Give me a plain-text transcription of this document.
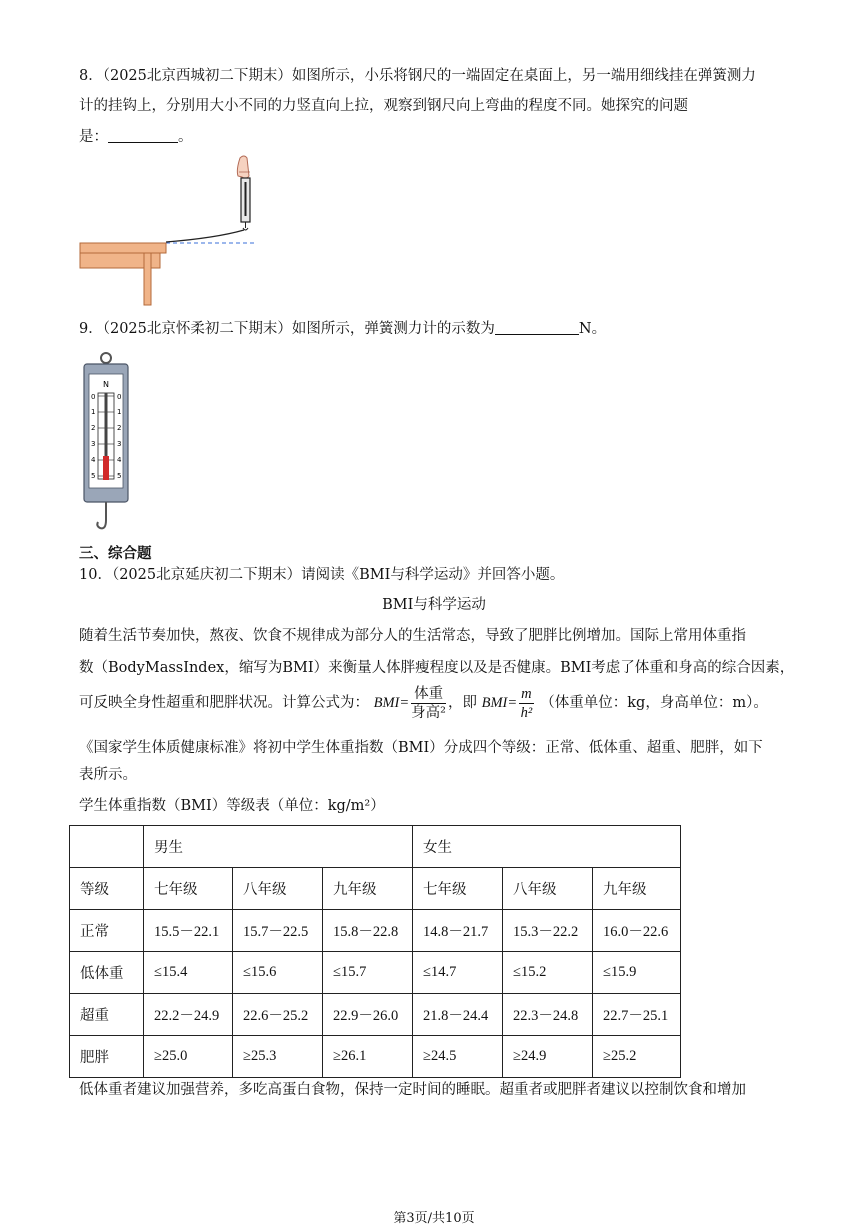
8．（2025北京西城初二下期末）如图所示，小乐将钢尺的一端固定在桌面上，另一端用细线挂在弹簧测力
计的挂钩上，分别用大小不同的力竖直向上拉，观察到钢尺向上弯曲的程度不同。她探究的问题
是：	。
9．（2025北京怀柔初二下期末）如图所示，弹簧测力计的示数为	N。
N
0
1
2
3
4
5
0
1
2
3
4
5
三、综合题
10．（2025北京延庆初二下期末）请阅读《BMI与科学运动》并回答小题。
BMI与科学运动
随着生活节奏加快，熬夜、饮食不规律成为部分人的生活常态，导致了肥胖比例增加。国际上常用体重指
数（BodyMassIndex，缩写为BMI）来衡量人体胖瘦程度以及是否健康。BMI考虑了体重和身高的综合因素，
可反映全身性超重和肥胖状况。计算公式为： $BMI= \frac{\text{体重}}{\text{身高²}}$ ，即 $BMI= \frac{m}{\text{h²}}$ （体重单位：kg，身高单位：m）。
《国家学生体质健康标准》将初中学生体重指数（BMI）分成四个等级：正常、低体重、超重、肥胖，如下
表所示。
学生体重指数（BMI）等级表（单位：kg/m²）
	男生			女生		
等级	七年级	八年级	九年级	七年级	八年级	九年级
正常	15.5－22.1	15.7－22.5	15.8－22.8	14.8－21.7	15.3－22.2	16.0－22.6
低体重	≤15.4	≤15.6	≤15.7	≤14.7	≤15.2	≤15.9
超重	22.2－24.9	22.6－25.2	22.9－26.0	21.8－24.4	22.3－24.8	22.7－25.1
肥胖	≥25.0	≥25.3	≥26.1	≥24.5	≥24.9	≥25.2
低体重者建议加强营养，多吃高蛋白食物，保持一定时间的睡眠。超重者或肥胖者建议以控制饮食和增加
第3页/共10页
